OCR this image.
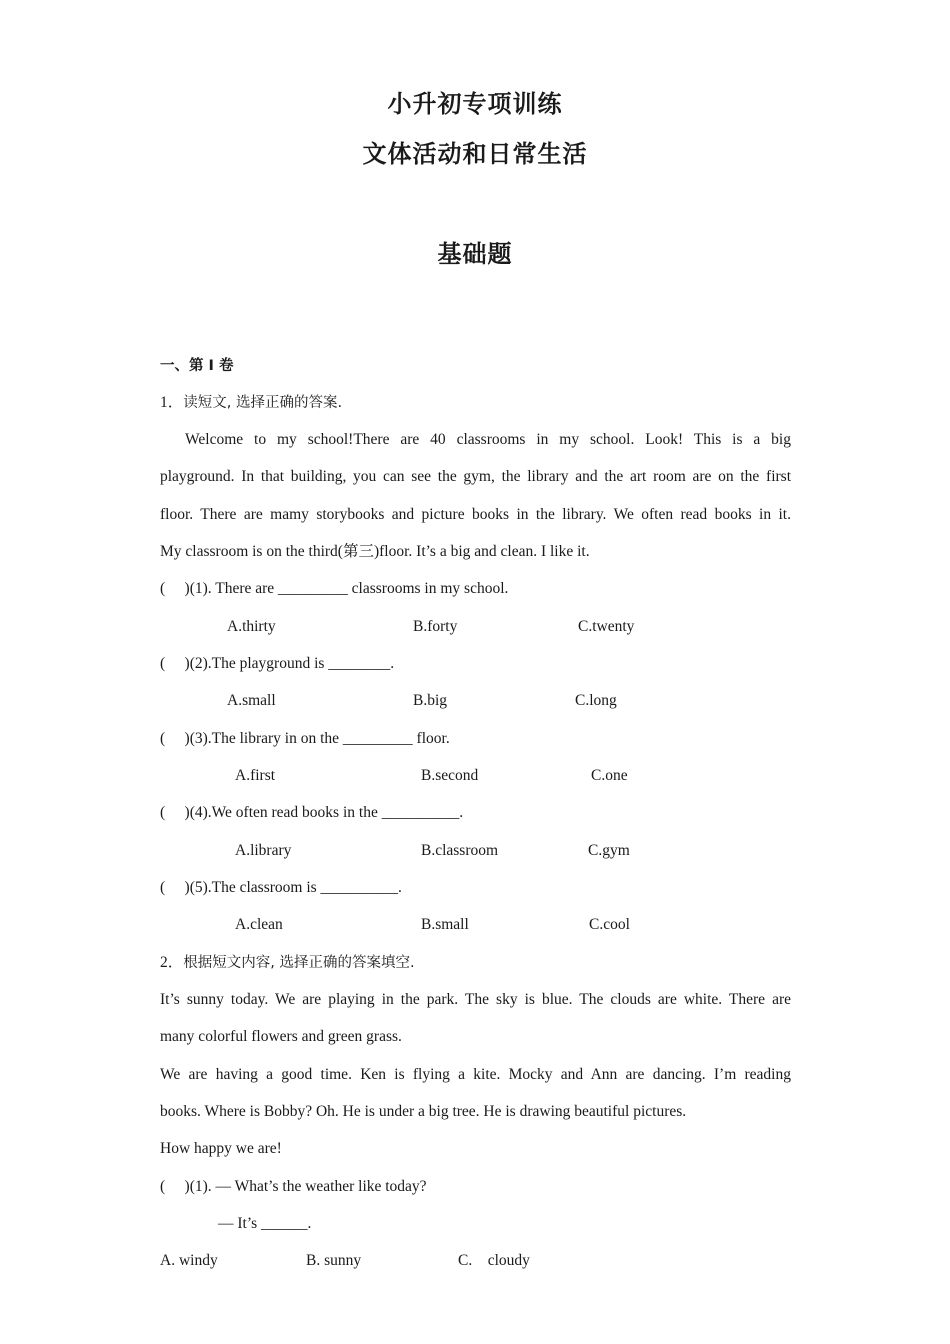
小升初专项训练
文体活动和日常生活
基础题
一、第 I 卷
1．读短文, 选择正确的答案.
Welcome to my school!There are 40 classrooms in my school. Look! This is a big
playground. In that building, you can see the gym, the library and the art room are on the first
floor. There are mamy storybooks and picture books in the library. We often read books in it.
My classroom is on the third(第三)floor. It’s a big and clean. I like it.
(　 )(1). There are _________ classrooms in my school.
A.thirty	B.forty	C.twenty
(　 )(2).The playground is ________.
A.small	B.big	C.long
(　 )(3).The library in on the _________ floor.
A.first	B.second	C.one
(　 )(4).We often read books in the __________.
A.library	B.classroom	C.gym
(　 )(5).The classroom is __________.
A.clean	B.small	C.cool
2．根据短文内容, 选择正确的答案填空.
It’s sunny today. We are playing in the park. The sky is blue. The clouds are white. There are
many colorful flowers and green grass.
We are having a good time. Ken is flying a kite. Mocky and Ann are dancing. I’m reading
books. Where is Bobby? Oh. He is under a big tree. He is drawing beautiful pictures.
How happy we are!
(　 )(1). — What’s the weather like today?
— It’s ______.
A. windy	B. sunny	C.　cloudy
